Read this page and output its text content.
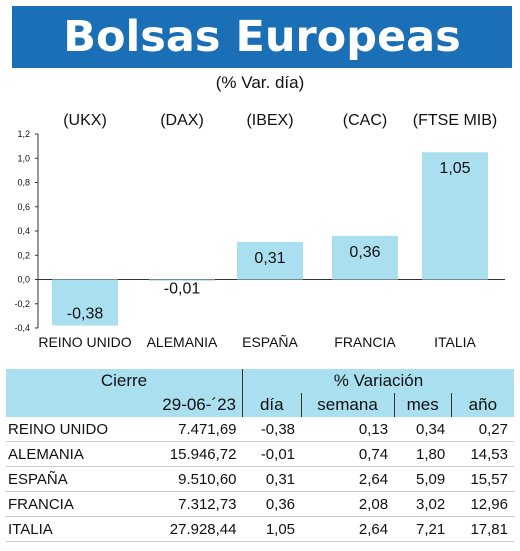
Bolsas Europeas
(% Var. día)
(UKX)	(DAX)	(IBEX)	(CAC) (FTSE MIB)
1,2
1,0
0,8
0,6
0,4
0,2
0,0
-0,2
-0,4
-0,38
REINO UNIDO
-0,01
ALEMANIA
0,31
ESPAÑA
0,36
FRANCIA
1,05
ITALIA
Cierre		% Variación			
29-06-´23		día	semana	mes	año
REINO UNIDO	7.471,69	-0,38	0,13	0,34	0,27
ALEMANIA	15.946,72	-0,01	0,74	1,80	14,53
ESPAÑA	9.510,60	0,31	2,64	5,09	15,57
FRANCIA	7.312,73	0,36	2,08	3,02	12,96
ITALIA	27.928,44	1,05	2,64	7,21	17,81
